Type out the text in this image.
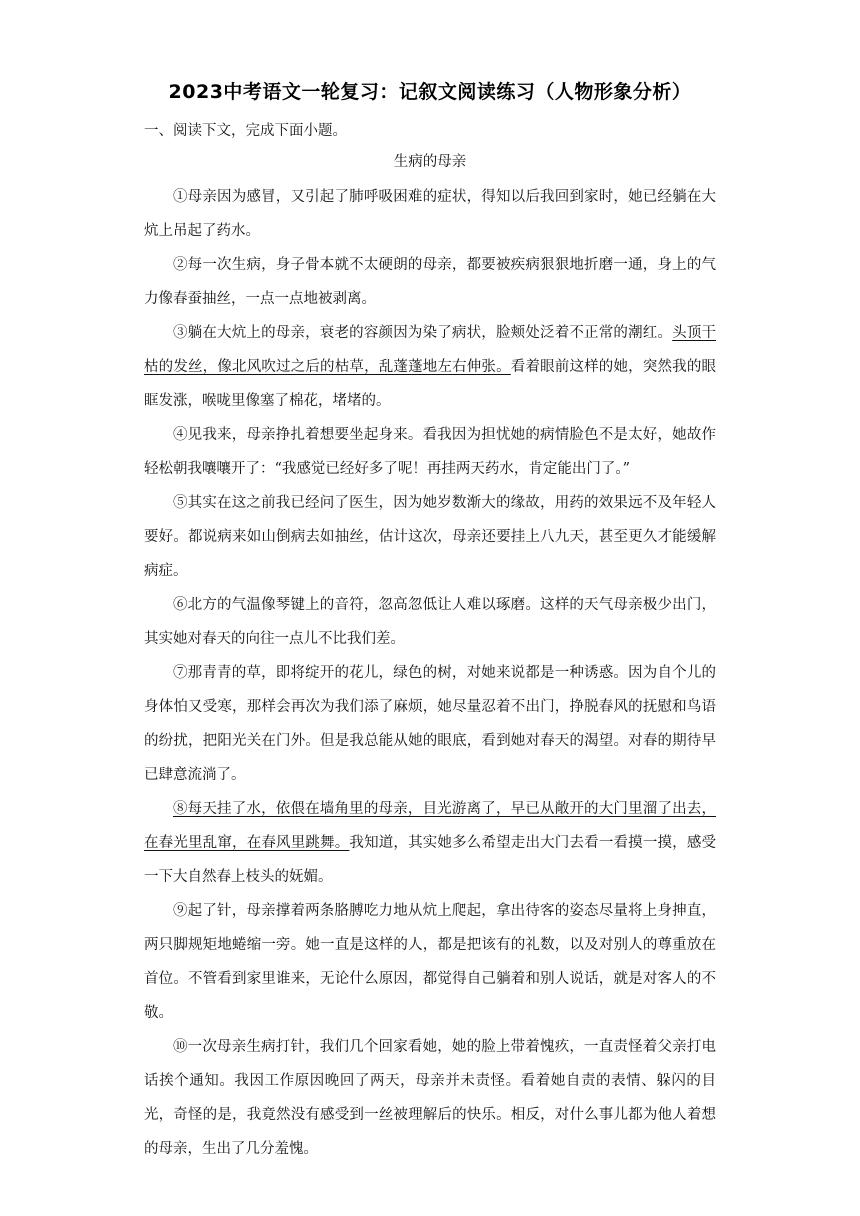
2023中考语文一轮复习：记叙文阅读练习（人物形象分析）
一、阅读下文，完成下面小题。
生病的母亲

①母亲因为感冒，又引起了肺呼吸困难的症状，得知以后我回到家时，她已经躺在大炕上吊起了药水。

②每一次生病，身子骨本就不太硬朗的母亲，都要被疾病狠狠地折磨一通，身上的气力像春蚕抽丝，一点一点地被剥离。

③躺在大炕上的母亲，衰老的容颜因为染了病状，脸颊处泛着不正常的潮红。头顶干枯的发丝，像北风吹过之后的枯草，乱蓬蓬地左右伸张。看着眼前这样的她，突然我的眼眶发涨，喉咙里像塞了棉花，堵堵的。

④见我来，母亲挣扎着想要坐起身来。看我因为担忧她的病情脸色不是太好，她故作轻松朝我嚷嚷开了：“我感觉已经好多了呢！再挂两天药水，肯定能出门了。”

⑤其实在这之前我已经问了医生，因为她岁数渐大的缘故，用药的效果远不及年轻人要好。都说病来如山倒病去如抽丝，估计这次，母亲还要挂上八九天，甚至更久才能缓解病症。

⑥北方的气温像琴键上的音符，忽高忽低让人难以琢磨。这样的天气母亲极少出门，其实她对春天的向往一点儿不比我们差。

⑦那青青的草，即将绽开的花儿，绿色的树，对她来说都是一种诱惑。因为自个儿的身体怕又受寒，那样会再次为我们添了麻烦，她尽量忍着不出门，挣脱春风的抚慰和鸟语的纷扰，把阳光关在门外。但是我总能从她的眼底，看到她对春天的渴望。对春的期待早已肆意流淌了。

⑧每天挂了水，依偎在墙角里的母亲，目光游离了，早已从敞开的大门里溜了出去，在春光里乱窜，在春风里跳舞。我知道，其实她多么希望走出大门去看一看摸一摸，感受一下大自然春上枝头的妩媚。

⑨起了针，母亲撑着两条胳膊吃力地从炕上爬起，拿出待客的姿态尽量将上身抻直，两只脚规矩地蜷缩一旁。她一直是这样的人，都是把该有的礼数，以及对别人的尊重放在首位。不管看到家里谁来，无论什么原因，都觉得自己躺着和别人说话，就是对客人的不敬。

⑩一次母亲生病打针，我们几个回家看她，她的脸上带着愧疚，一直责怪着父亲打电话挨个通知。我因工作原因晚回了两天，母亲并未责怪。看着她自责的表情、躲闪的目光，奇怪的是，我竟然没有感受到一丝被理解后的快乐。相反，对什么事儿都为他人着想的母亲，生出了几分羞愧。
